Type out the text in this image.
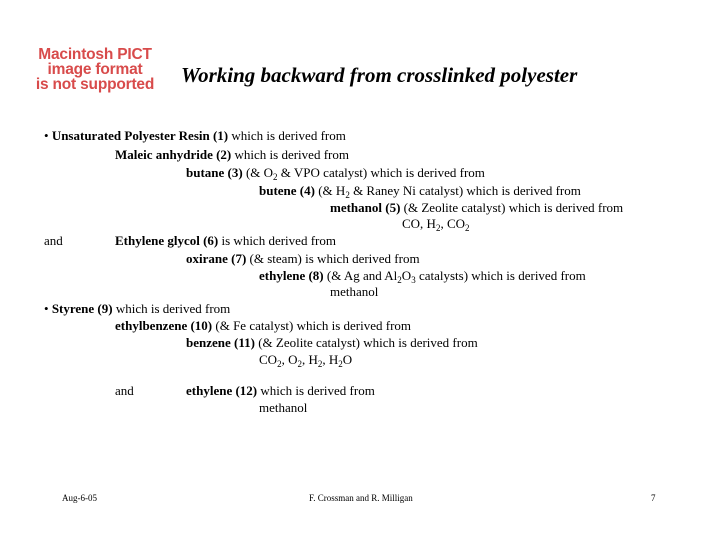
Macintosh PICT
image format
is not supported	Working backward from crosslinked polyester
• Unsaturated Polyester Resin (1) which is derived from
Maleic anhydride (2) which is derived from
butane (3) (& $O_2$ & VPO catalyst) which is derived from
butene (4) (& $H_2$ & Raney Ni catalyst) which is derived from
methanol (5) (& Zeolite catalyst) which is derived from
CO, $H_2$, $CO_2$
and	Ethylene glycol (6) is which derived from
oxirane (7) (& steam) is which derived from
ethylene (8) (& Ag and $Al_2O_3$ catalysts) which is derived from
methanol
• Styrene (9) which is derived from
ethylbenzene (10) (& Fe catalyst) which is derived from
benzene (11) (& Zeolite catalyst) which is derived from
$CO_2$, $O_2$, $H_2$, $H_2O$
and	ethylene (12) which is derived from
methanol
Aug-6-05	F. Crossman and R. Milligan	7
